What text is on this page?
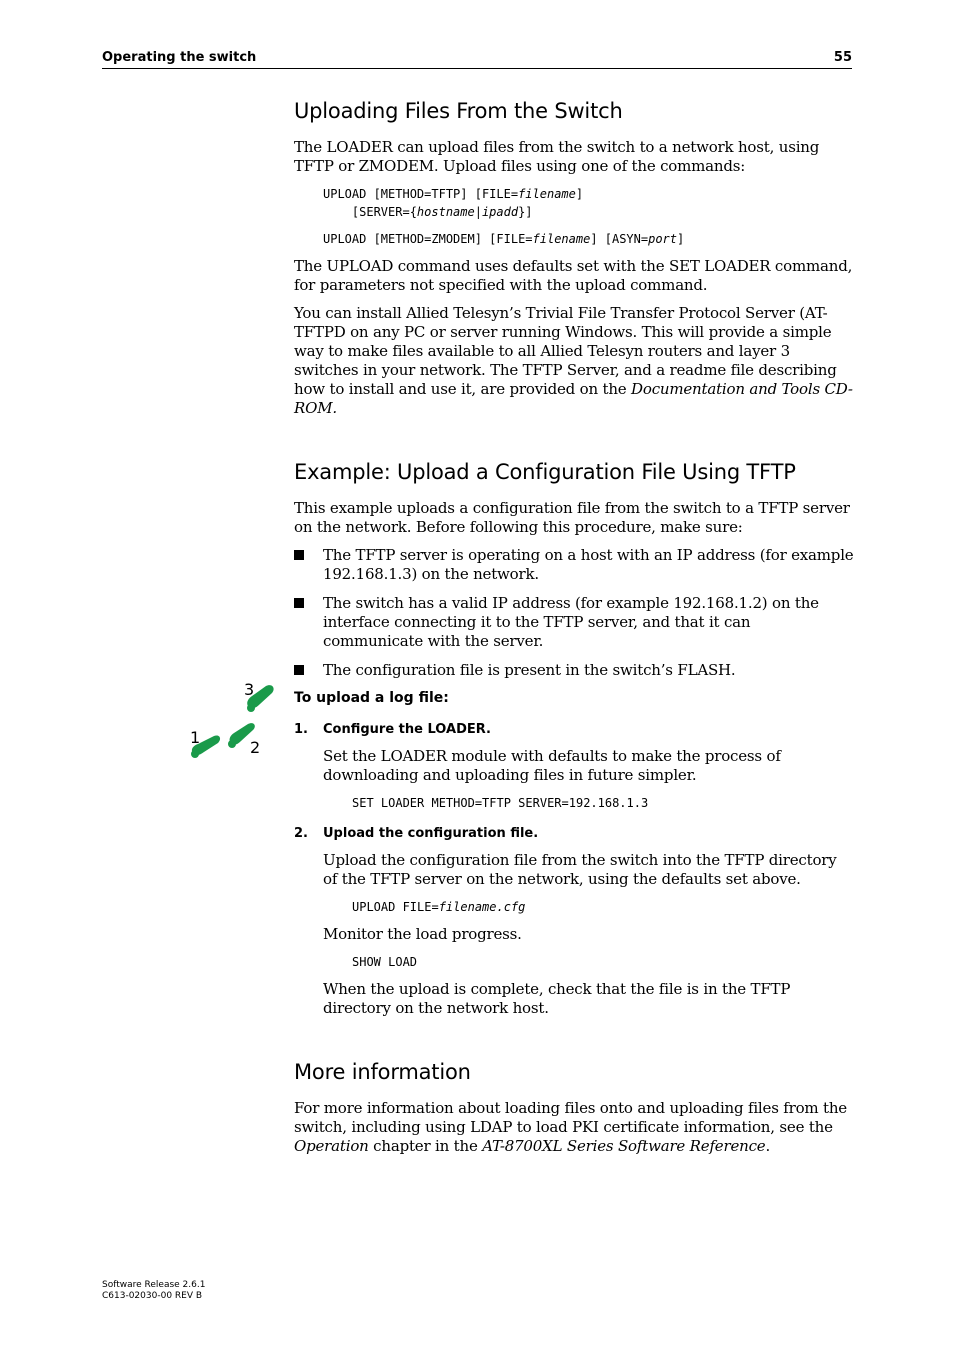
Operating the switch	55
3
1
2
Uploading Files From the Switch

The LOADER can upload files from the switch to a network host, using TFTP or ZMODEM. Upload files using one of the commands:

UPLOAD [METHOD=TFTP] [FILE=filename]
[SERVER={hostname|ipadd}]
UPLOAD [METHOD=ZMODEM] [FILE=filename] [ASYN=port]

The UPLOAD command uses defaults set with the SET LOADER command, for parameters not specified with the upload command.

You can install Allied Telesyn’s Trivial File Transfer Protocol Server (AT-TFTPD on any PC or server running Windows. This will provide a simple way to make files available to all Allied Telesyn routers and layer 3 switches in your network. The TFTP Server, and a readme file describing how to install and use it, are provided on the Documentation and Tools CD-ROM.

Example: Upload a Configuration File Using TFTP

This example uploads a configuration file from the switch to a TFTP server on the network. Before following this procedure, make sure:

The TFTP server is operating on a host with an IP address (for example 192.168.1.3) on the network.
The switch has a valid IP address (for example 192.168.1.2) on the interface connecting it to the TFTP server, and that it can communicate with the server.
The configuration file is present in the switch’s FLASH.
To upload a log file:
1. Configure the LOADER.

Set the LOADER module with defaults to make the process of downloading and uploading files in future simpler.

SET LOADER METHOD=TFTP SERVER=192.168.1.3
2. Upload the configuration file.

Upload the configuration file from the switch into the TFTP directory of the TFTP server on the network, using the defaults set above.

UPLOAD FILE=filename.cfg

Monitor the load progress.

SHOW LOAD

When the upload is complete, check that the file is in the TFTP directory on the network host.

More information

For more information about loading files onto and uploading files from the switch, including using LDAP to load PKI certificate information, see the Operation chapter in the AT-8700XL Series Software Reference.

Software Release 2.6.1
C613-02030-00 REV B
